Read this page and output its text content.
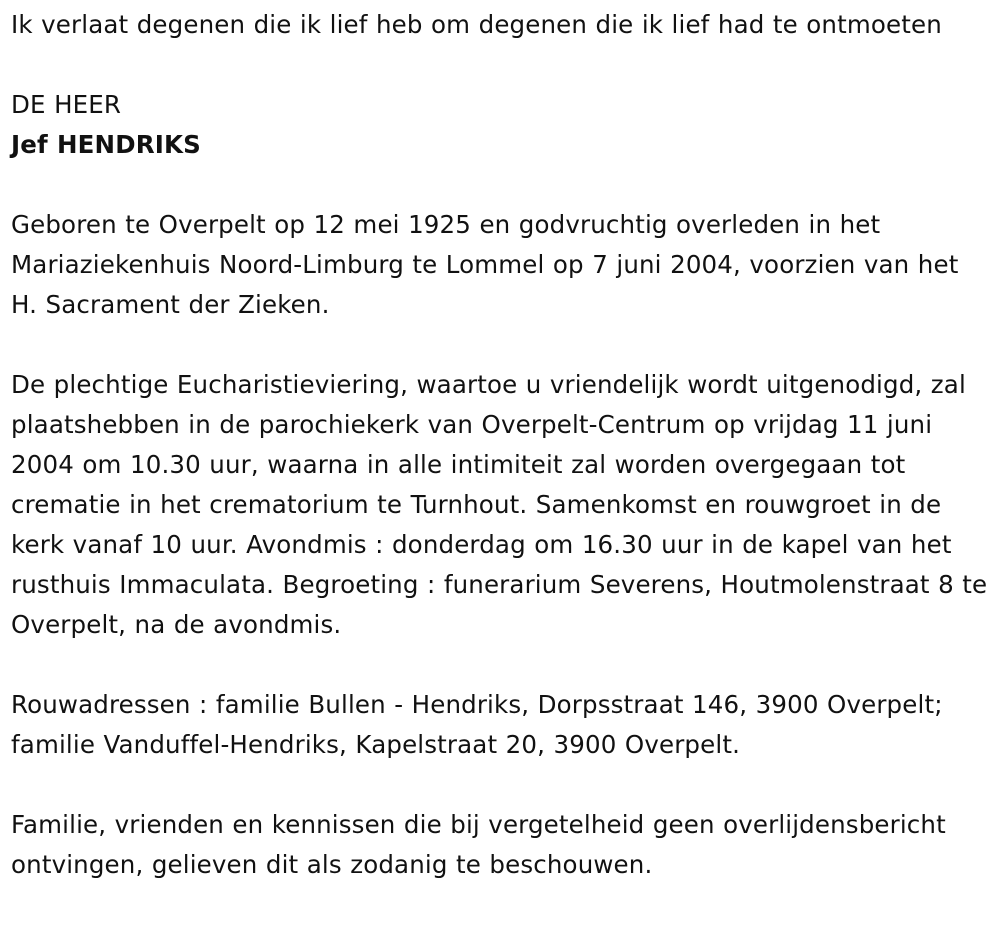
Ik verlaat degenen die ik lief heb om degenen die ik lief had te ontmoeten

DE HEER

Jef HENDRIKS

Geboren te Overpelt op 12 mei 1925 en godvruchtig overleden in het Mariaziekenhuis Noord-Limburg te Lommel op 7 juni 2004, voorzien van het H. Sacrament der Zieken.

De plechtige Eucharistieviering, waartoe u vriendelijk wordt uitgenodigd, zal plaatshebben in de parochiekerk van Overpelt-Centrum op vrijdag 11 juni 2004 om 10.30 uur, waarna in alle intimiteit zal worden overgegaan tot crematie in het crematorium te Turnhout. Samenkomst en rouwgroet in de kerk vanaf 10 uur. Avondmis : donderdag om 16.30 uur in de kapel van het rusthuis Immaculata. Begroeting : funerarium Severens, Houtmolenstraat 8 te Overpelt, na de avondmis.

Rouwadressen : familie Bullen - Hendriks, Dorpsstraat 146, 3900 Overpelt; familie Vanduffel-Hendriks, Kapelstraat 20, 3900 Overpelt.

Familie, vrienden en kennissen die bij vergetelheid geen overlijdensbericht ontvingen, gelieven dit als zodanig te beschouwen.
